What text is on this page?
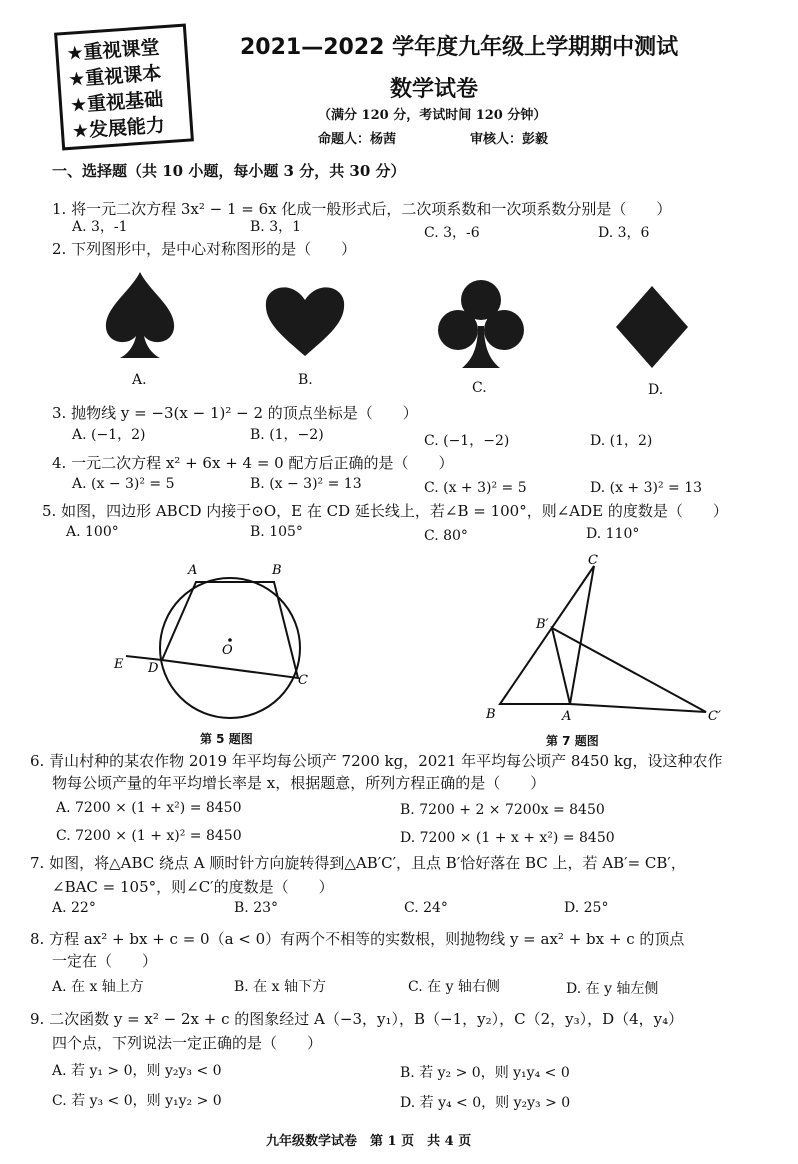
★重视课堂
★重视课本
★重视基础
★发展能力
2021—2022 学年度九年级上学期期中测试
数学试卷
（满分 120 分，考试时间 120 分钟）
命题人：杨茜	审核人：彭毅
一、选择题（共 10 小题，每小题 3 分，共 30 分）
1. 将一元二次方程 3x² − 1 = 6x 化成一般形式后，二次项系数和一次项系数分别是（　　）
A. 3，-1	B. 3，1	C. 3，-6	D. 3，6
2. 下列图形中，是中心对称图形的是（　　）
A.	B.	C.	D.
3. 抛物线 y = −3(x − 1)² − 2 的顶点坐标是（　　）
A. (−1，2)	B. (1，−2)	C. (−1，−2)	D. (1，2)
4. 一元二次方程 x² + 6x + 4 = 0 配方后正确的是（　　）
A. (x − 3)² = 5	B. (x − 3)² = 13	C. (x + 3)² = 5	D. (x + 3)² = 13
5. 如图，四边形 ABCD 内接于⊙O，E 在 CD 延长线上，若∠B = 100°，则∠ADE 的度数是（　　）
A. 100°	B. 105°	C. 80°	D. 110°
A	B
C
D
E
O
第 5 题图
B	A
C
B′
C′
第 7 题图
6. 青山村种的某农作物 2019 年平均每公顷产 7200 kg，2021 年平均每公顷产 8450 kg，设这种农作
物每公顷产量的年平均增长率是 x，根据题意，所列方程正确的是（　　）
A. 7200 × (1 + x²) = 8450	B. 7200 + 2 × 7200x = 8450
C. 7200 × (1 + x)² = 8450	D. 7200 × (1 + x + x²) = 8450
7. 如图，将△ABC 绕点 A 顺时针方向旋转得到△AB′C′，且点 B′恰好落在 BC 上，若 AB′= CB′，
∠BAC = 105°，则∠C′的度数是（　　）
A. 22°	B. 23°	C. 24°	D. 25°
8. 方程 ax² + bx + c = 0（a < 0）有两个不相等的实数根，则抛物线 y = ax² + bx + c 的顶点
一定在（　　）
A. 在 x 轴上方	B. 在 x 轴下方	C. 在 y 轴右侧	D. 在 y 轴左侧
9. 二次函数 y = x² − 2x + c 的图象经过 A（−3，y₁），B（−1，y₂），C（2，y₃），D（4，y₄）
四个点，下列说法一定正确的是（　　）
A. 若 y₁ > 0，则 y₂y₃ < 0	B. 若 y₂ > 0，则 y₁y₄ < 0
C. 若 y₃ < 0，则 y₁y₂ > 0	D. 若 y₄ < 0，则 y₂y₃ > 0
九年级数学试卷　第 1 页　共 4 页
